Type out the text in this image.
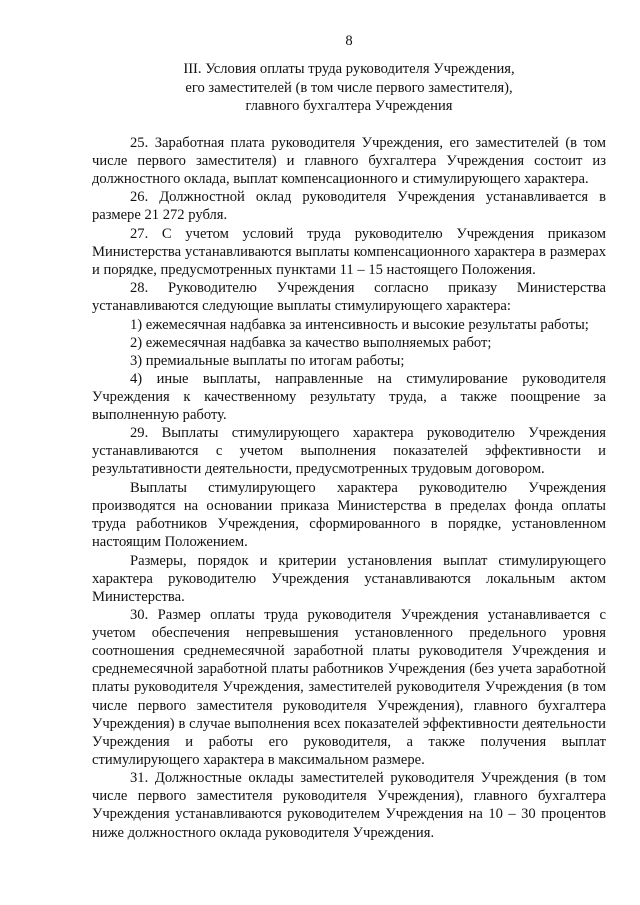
8
III. Условия оплаты труда руководителя Учреждения,
его заместителей (в том числе первого заместителя),
главного бухгалтера Учреждения

25. Заработная плата руководителя Учреждения, его заместителей (в том числе первого заместителя) и главного бухгалтера Учреждения состоит из должностного оклада, выплат компенсационного и стимулирующего характера.

26. Должностной оклад руководителя Учреждения устанавливается в размере 21 272 рубля.

27. С учетом условий труда руководителю Учреждения приказом Министерства устанавливаются выплаты компенсационного характера в размерах и порядке, предусмотренных пунктами 11 – 15 настоящего Положения.

28. Руководителю Учреждения согласно приказу Министерства устанавливаются следующие выплаты стимулирующего характера:

1) ежемесячная надбавка за интенсивность и высокие результаты работы;

2) ежемесячная надбавка за качество выполняемых работ;

3) премиальные выплаты по итогам работы;

4) иные выплаты, направленные на стимулирование руководителя Учреждения к качественному результату труда, а также поощрение за выполненную работу.

29. Выплаты стимулирующего характера руководителю Учреждения устанавливаются с учетом выполнения показателей эффективности и результативности деятельности, предусмотренных трудовым договором.

Выплаты стимулирующего характера руководителю Учреждения производятся на основании приказа Министерства в пределах фонда оплаты труда работников Учреждения, сформированного в порядке, установленном настоящим Положением.

Размеры, порядок и критерии установления выплат стимулирующего характера руководителю Учреждения устанавливаются локальным актом Министерства.

30. Размер оплаты труда руководителя Учреждения устанавливается с учетом обеспечения непревышения установленного предельного уровня соотношения среднемесячной заработной платы руководителя Учреждения и среднемесячной заработной платы работников Учреждения (без учета заработной платы руководителя Учреждения, заместителей руководителя Учреждения (в том числе первого заместителя руководителя Учреждения), главного бухгалтера Учреждения) в случае выполнения всех показателей эффективности деятельности Учреждения и работы его руководителя, а также получения выплат стимулирующего характера в максимальном размере.

31. Должностные оклады заместителей руководителя Учреждения (в том числе первого заместителя руководителя Учреждения), главного бухгалтера Учреждения устанавливаются руководителем Учреждения на 10 – 30 процентов ниже должностного оклада руководителя Учреждения.
